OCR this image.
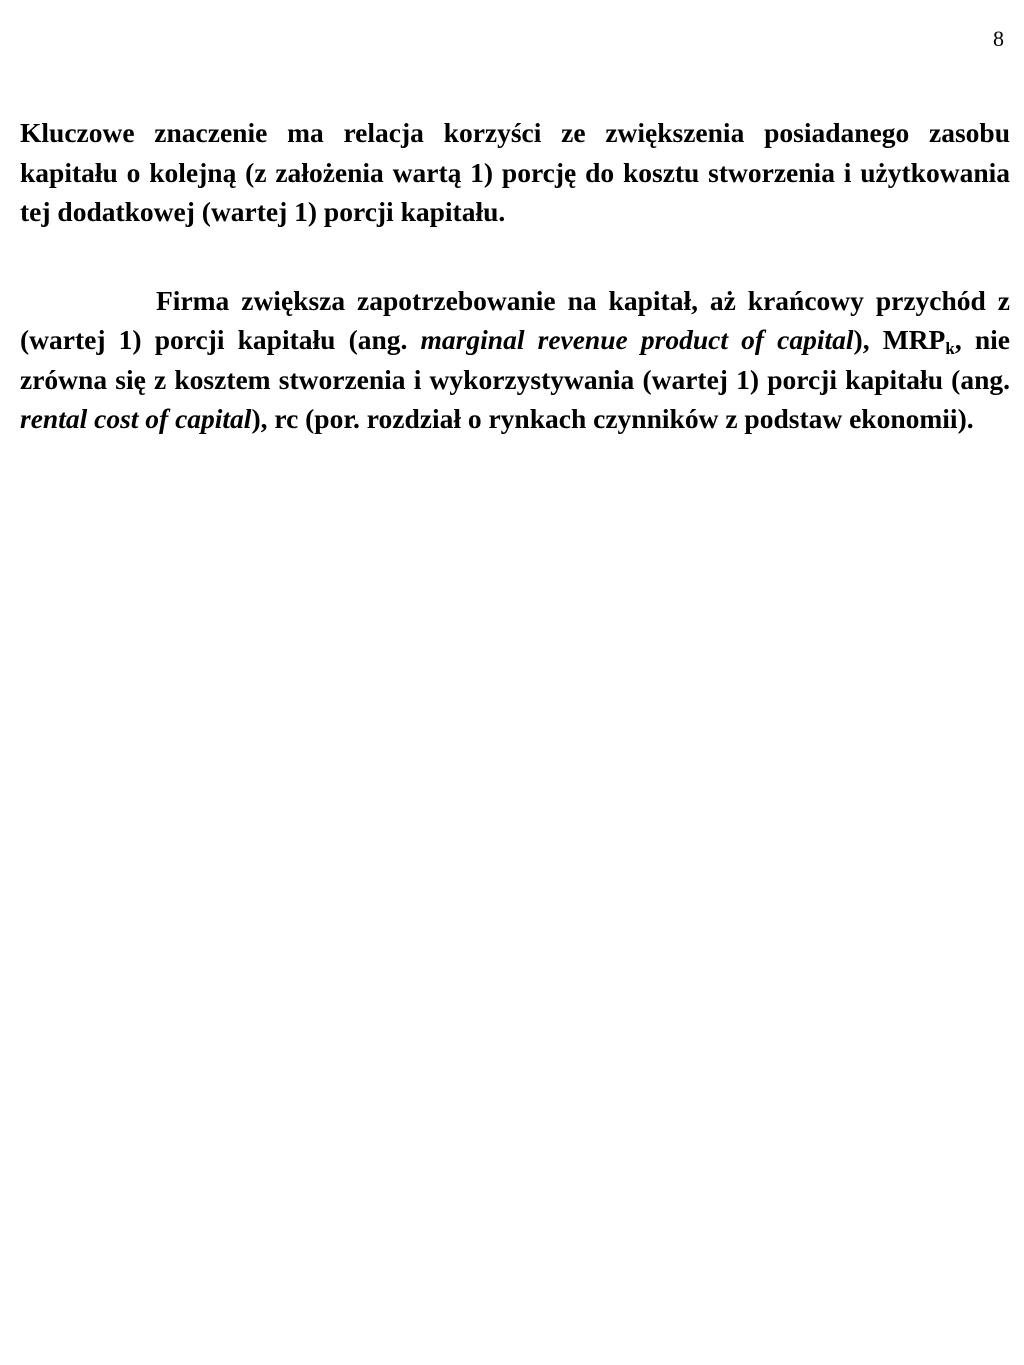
8

Kluczowe znaczenie ma relacja korzyści ze zwiększenia posiadanego zasobu kapitału o kolejną (z założenia wartą 1) porcję do kosztu stworzenia i użytkowania tej dodatkowej (wartej 1) porcji kapitału.

Firma zwiększa zapotrzebowanie na kapitał, aż krańcowy przychód z (wartej 1) porcji kapitału (ang. marginal revenue product of capital), $MRP_k$, nie zrówna się z kosztem stworzenia i wykorzystywania (wartej 1) porcji kapitału (ang. rental cost of capital), rc (por. rozdział o rynkach czynników z podstaw ekonomii).
